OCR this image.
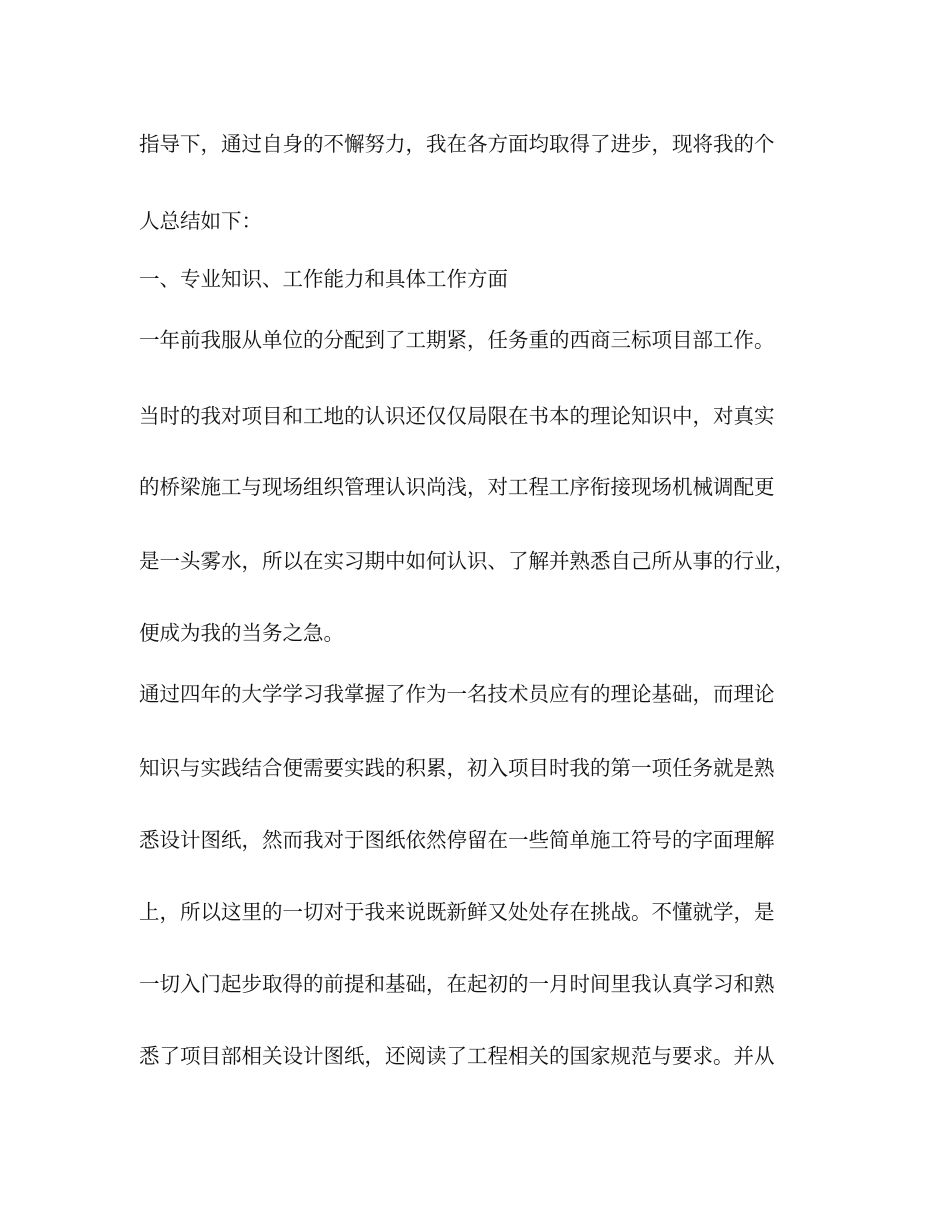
指导下，通过自身的不懈努力，我在各方面均取得了进步，现将我的个
人总结如下：
一、专业知识、工作能力和具体工作方面
一年前我服从单位的分配到了工期紧，任务重的西商三标项目部工作。
当时的我对项目和工地的认识还仅仅局限在书本的理论知识中，对真实
的桥梁施工与现场组织管理认识尚浅，对工程工序衔接现场机械调配更
是一头雾水，所以在实习期中如何认识、了解并熟悉自己所从事的行业，
便成为我的当务之急。
通过四年的大学学习我掌握了作为一名技术员应有的理论基础，而理论
知识与实践结合便需要实践的积累，初入项目时我的第一项任务就是熟
悉设计图纸，然而我对于图纸依然停留在一些简单施工符号的字面理解
上，所以这里的一切对于我来说既新鲜又处处存在挑战。不懂就学，是
一切入门起步取得的前提和基础，在起初的一月时间里我认真学习和熟
悉了项目部相关设计图纸，还阅读了工程相关的国家规范与要求。并从
